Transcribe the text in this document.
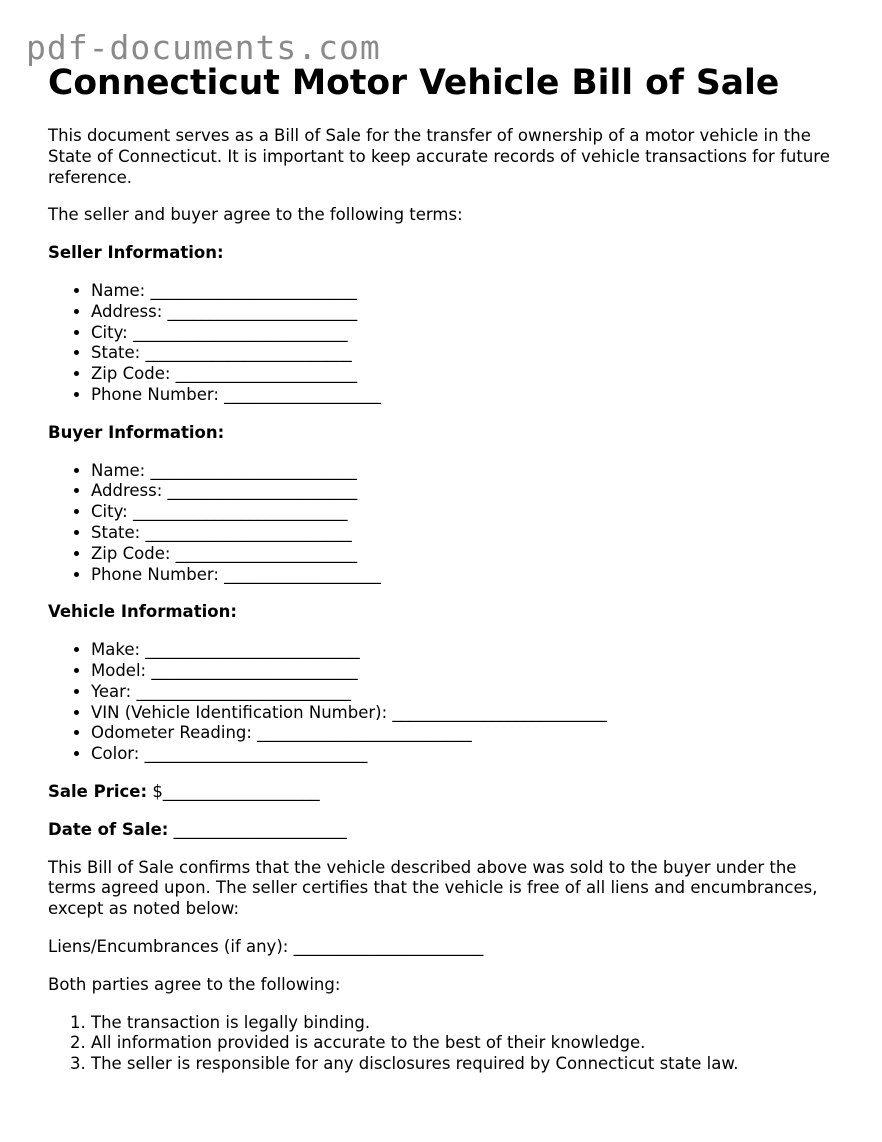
pdf-documents.com
Connecticut Motor Vehicle Bill of Sale

This document serves as a Bill of Sale for the transfer of ownership of a motor vehicle in the State of Connecticut. It is important to keep accurate records of vehicle transactions for future reference.

The seller and buyer agree to the following terms:

Seller Information:

• Name: _________________________
• Address: _______________________
• City: __________________________
• State: _________________________
• Zip Code: ______________________
• Phone Number: ___________________

Buyer Information:

• Name: _________________________
• Address: _______________________
• City: __________________________
• State: _________________________
• Zip Code: ______________________
• Phone Number: ___________________

Vehicle Information:

• Make: __________________________
• Model: _________________________
• Year: __________________________
• VIN (Vehicle Identification Number): __________________________
• Odometer Reading: __________________________
• Color: ___________________________

Sale Price: $___________________

Date of Sale: _____________________

This Bill of Sale confirms that the vehicle described above was sold to the buyer under the terms agreed upon. The seller certifies that the vehicle is free of all liens and encumbrances, except as noted below:

Liens/Encumbrances (if any): _______________________

Both parties agree to the following:

1. The transaction is legally binding.
2. All information provided is accurate to the best of their knowledge.
3. The seller is responsible for any disclosures required by Connecticut state law.
